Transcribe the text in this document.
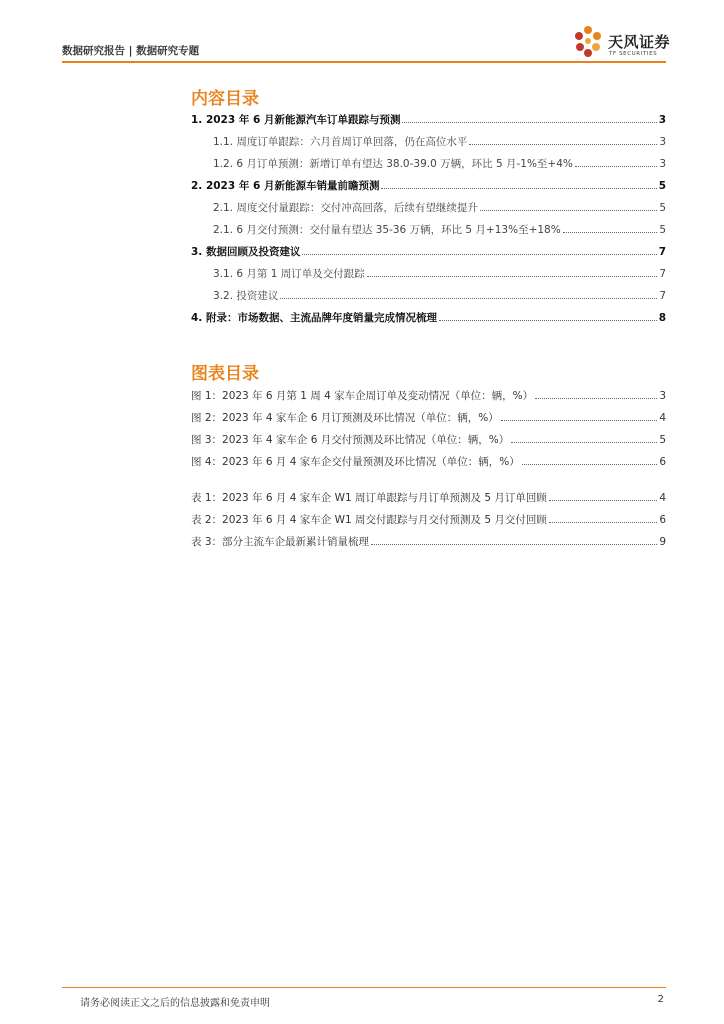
数据研究报告 | 数据研究专题	天风证券
TF SECURITIES
内容目录
1. 2023 年 6 月新能源汽车订单跟踪与预测	3
1.1. 周度订单跟踪：六月首周订单回落，仍在高位水平	3
1.2. 6 月订单预测：新增订单有望达 38.0-39.0 万辆，环比 5 月-1%至+4%	3
2. 2023 年 6 月新能源车销量前瞻预测	5
2.1. 周度交付量跟踪：交付冲高回落，后续有望继续提升	5
2.1. 6 月交付预测：交付量有望达 35-36 万辆，环比 5 月+13%至+18%	5
3. 数据回顾及投资建议	7
3.1. 6 月第 1 周订单及交付跟踪	7
3.2. 投资建议	7
4. 附录：市场数据、主流品牌年度销量完成情况梳理	8
图表目录
图 1：2023 年 6 月第 1 周 4 家车企周订单及变动情况（单位：辆，%）	3
图 2：2023 年 4 家车企 6 月订预测及环比情况（单位：辆，%）	4
图 3：2023 年 4 家车企 6 月交付预测及环比情况（单位：辆，%）	5
图 4：2023 年 6 月 4 家车企交付量预测及环比情况（单位：辆，%）	6
表 1：2023 年 6 月 4 家车企 W1 周订单跟踪与月订单预测及 5 月订单回顾	4
表 2：2023 年 6 月 4 家车企 W1 周交付跟踪与月交付预测及 5 月交付回顾	6
表 3：部分主流车企最新累计销量梳理	9
请务必阅读正文之后的信息披露和免责申明	2
